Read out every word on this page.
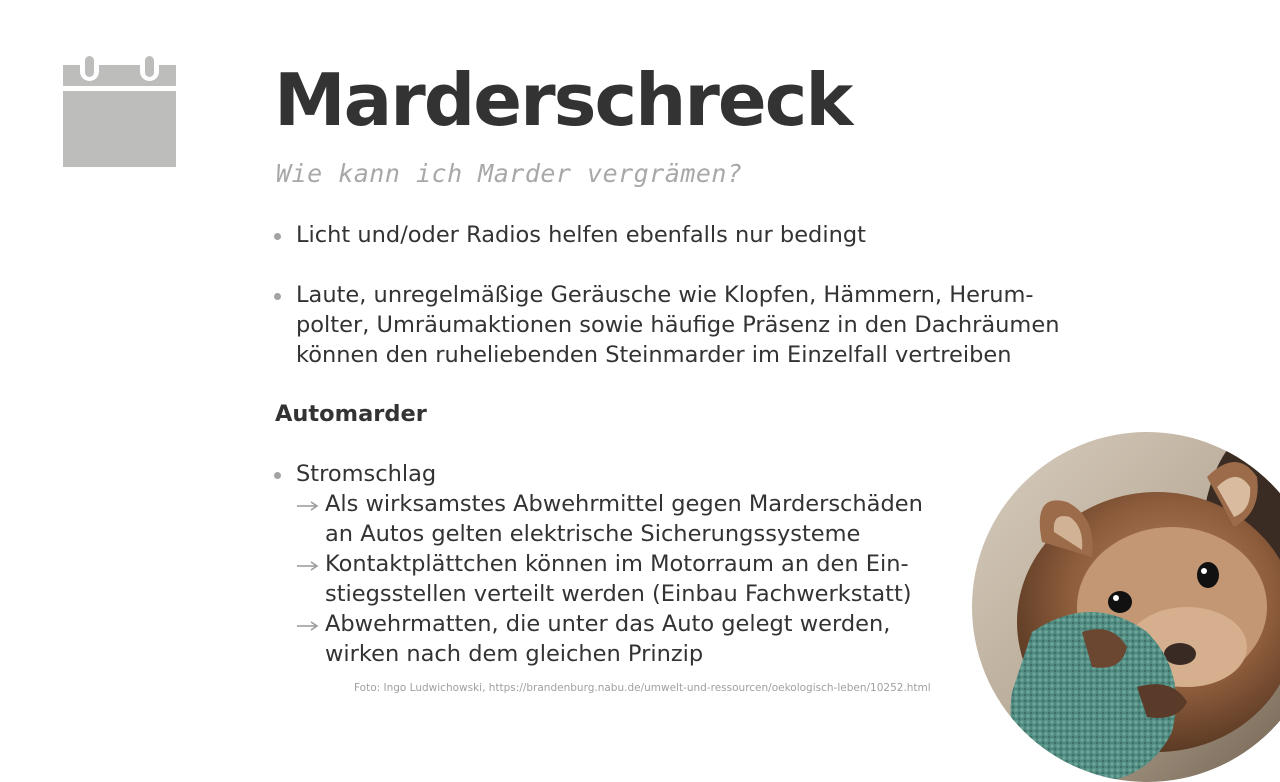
Marderschreck

Wie kann ich Marder vergrämen?

Licht und/oder Radios helfen ebenfalls nur bedingt
Laute, unregelmäßige Geräusche wie Klopfen, Hämmern, Herum-
polter, Umräumaktionen sowie häufige Präsenz in den Dachräumen
können den ruheliebenden Steinmarder im Einzelfall vertreiben
Automarder
Stromschlag
Als wirksamstes Abwehrmittel gegen Marderschäden
an Autos gelten elektrische Sicherungssysteme
Kontaktplättchen können im Motorraum an den Ein-
stiegsstellen verteilt werden (Einbau Fachwerkstatt)
Abwehrmatten, die unter das Auto gelegt werden,
wirken nach dem gleichen Prinzip

Foto: Ingo Ludwichowski, https://brandenburg.nabu.de/umwelt-und-ressourcen/oekologisch-leben/10252.html
